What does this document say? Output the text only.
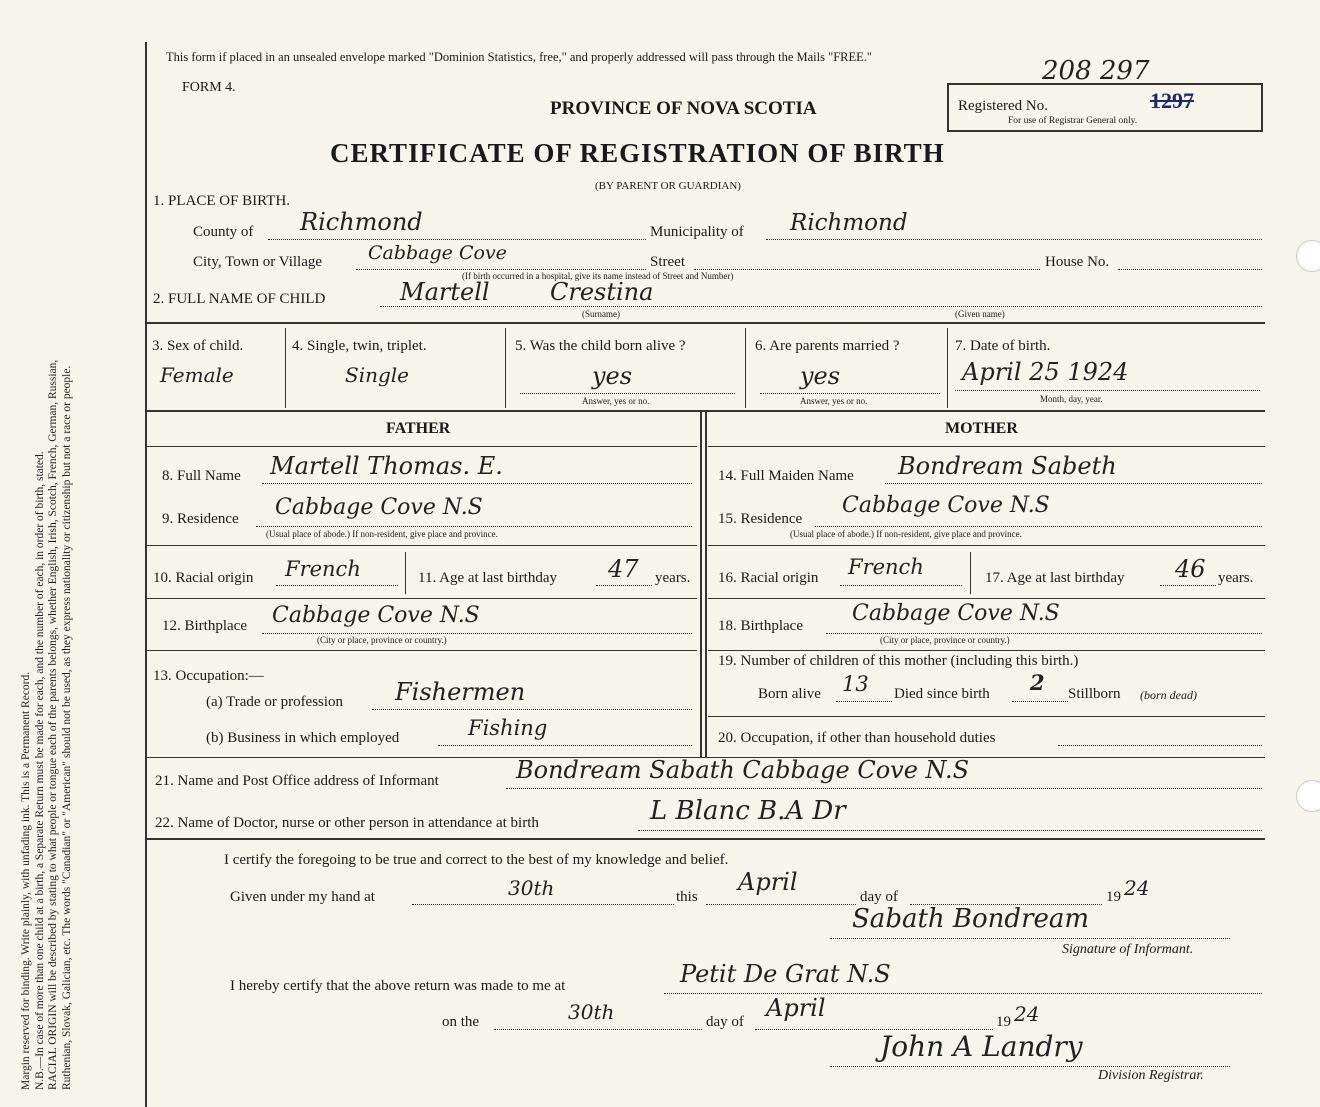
Margin reserved for binding. Write plainly, with unfading ink. This is a Permanent Record. N.B.—In case of more than one child at a birth, a Separate Return must be made for each, and the number of each, in order of birth, stated. RACIAL ORIGIN will be described by stating to what people or tongue each of the parents belongs, whether English, Irish, Scotch, French, German, Russian, Ruthenian, Slovak, Galician, etc. The words "Canadian" or "American" should not be used, as they express nationality or citizenship but not a race or people.
This form if placed in an unsealed envelope marked "Dominion Statistics, free," and properly addressed will pass through the Mails "FREE."
FORM 4.
PROVINCE OF NOVA SCOTIA
CERTIFICATE OF REGISTRATION OF BIRTH
(BY PARENT OR GUARDIAN)
208 297
Registered No.	1297
For use of Registrar General only.
1. PLACE OF BIRTH.
County of Richmond	Municipality of Richmond
City, Town or Village Cabbage Cove
(If birth occurred in a hospital, give its name instead of Street and Number)
Street	House No.
2. FULL NAME OF CHILD	Martell	Crestina
(Surname)	(Given name)
3. Sex of child.
Female
4. Single, twin, triplet.
Single
5. Was the child born alive ?
yes
Answer, yes or no.
6. Are parents married ?
yes
Answer, yes or no.
7. Date of birth.
April 25 1924
Month, day, year.
FATHER
8. Full Name Martell Thomas. E.
9. Residence Cabbage Cove N.S
(Usual place of abode.) If non-resident, give place and province.
10. Racial origin French	11. Age at last birthday 47 years.
12. Birthplace Cabbage Cove N.S
(City or place, province or country.)
13. Occupation:—
(a) Trade or profession Fishermen
(b) Business in which employed	Fishing
MOTHER
14. Full Maiden Name Bondream Sabeth
15. Residence
Cabbage Cove N.S
(Usual place of abode.) If non-resident, give place and province.
16. Racial origin French	17. Age at last birthday 46 years.
18. Birthplace Cabbage Cove N.S
(City or place, province or country.)
19. Number of children of this mother (including this birth.)
Born alive 13 Died since birth 2 Stillborn (born dead)
20. Occupation, if other than household duties
21. Name and Post Office address of Informant	Bondream Sabath Cabbage Cove N.S
22. Name of Doctor, nurse or other person in attendance at birth	L Blanc B.A Dr
I certify the foregoing to be true and correct to the best of my knowledge and belief.
Given under my hand at	30th	this
April
day of	19 24
Sabath Bondream
Signature of Informant.
I hereby certify that the above return was made to me at	Petit De Grat N.S
on the	30th	day of April	19 24
John A Landry
Division Registrar.
